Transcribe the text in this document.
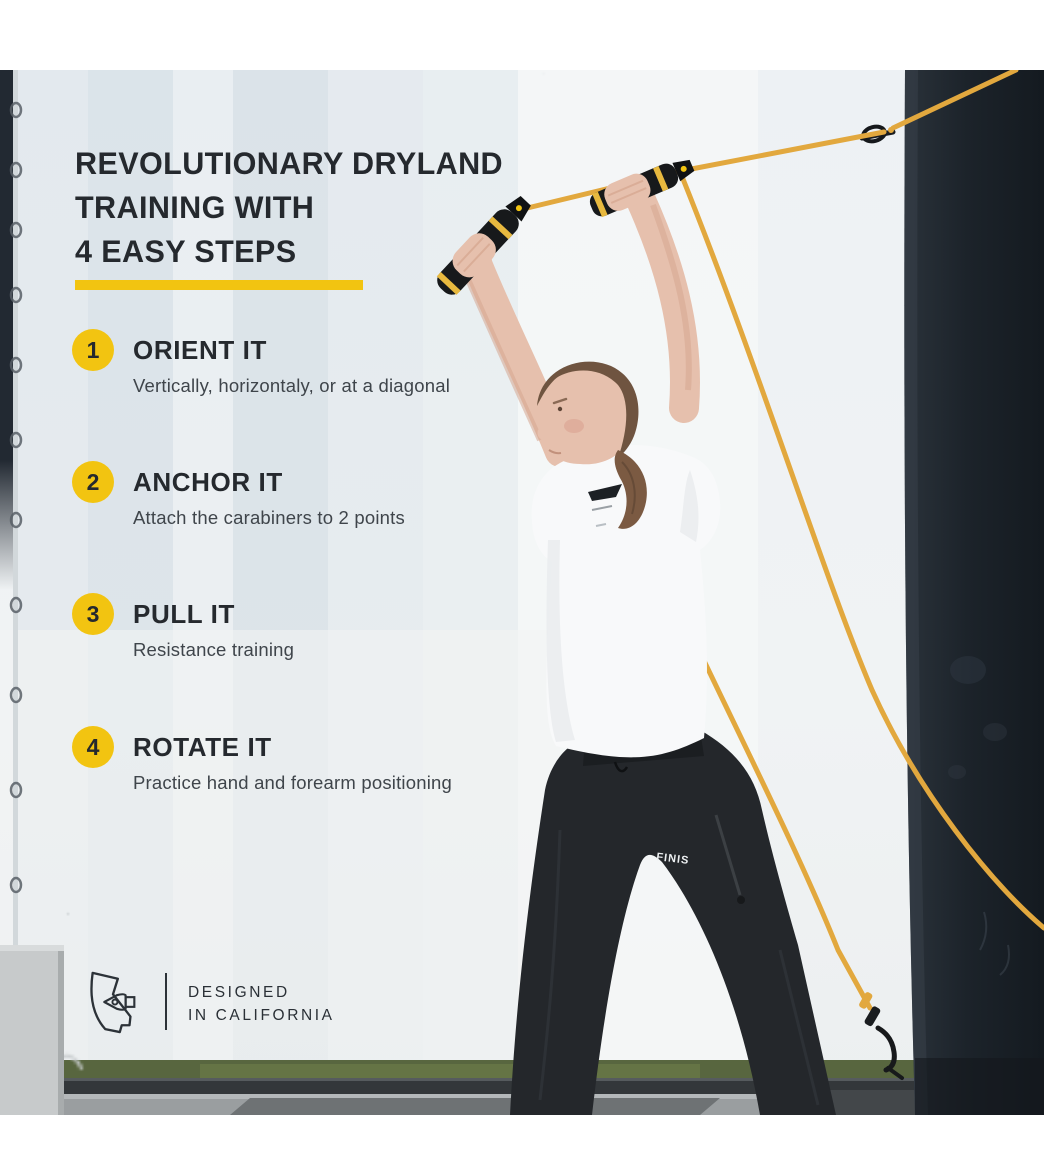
FINIS
REVOLUTIONARY DRYLAND
TRAINING WITH
4 EASY STEPS
1	ORIENT IT
Vertically, horizontaly, or at a diagonal
2	ANCHOR IT
Attach the carabiners to 2 points
3	PULL IT
Resistance training
4	ROTATE IT
Practice hand and forearm positioning
DESIGNED
IN CALIFORNIA
